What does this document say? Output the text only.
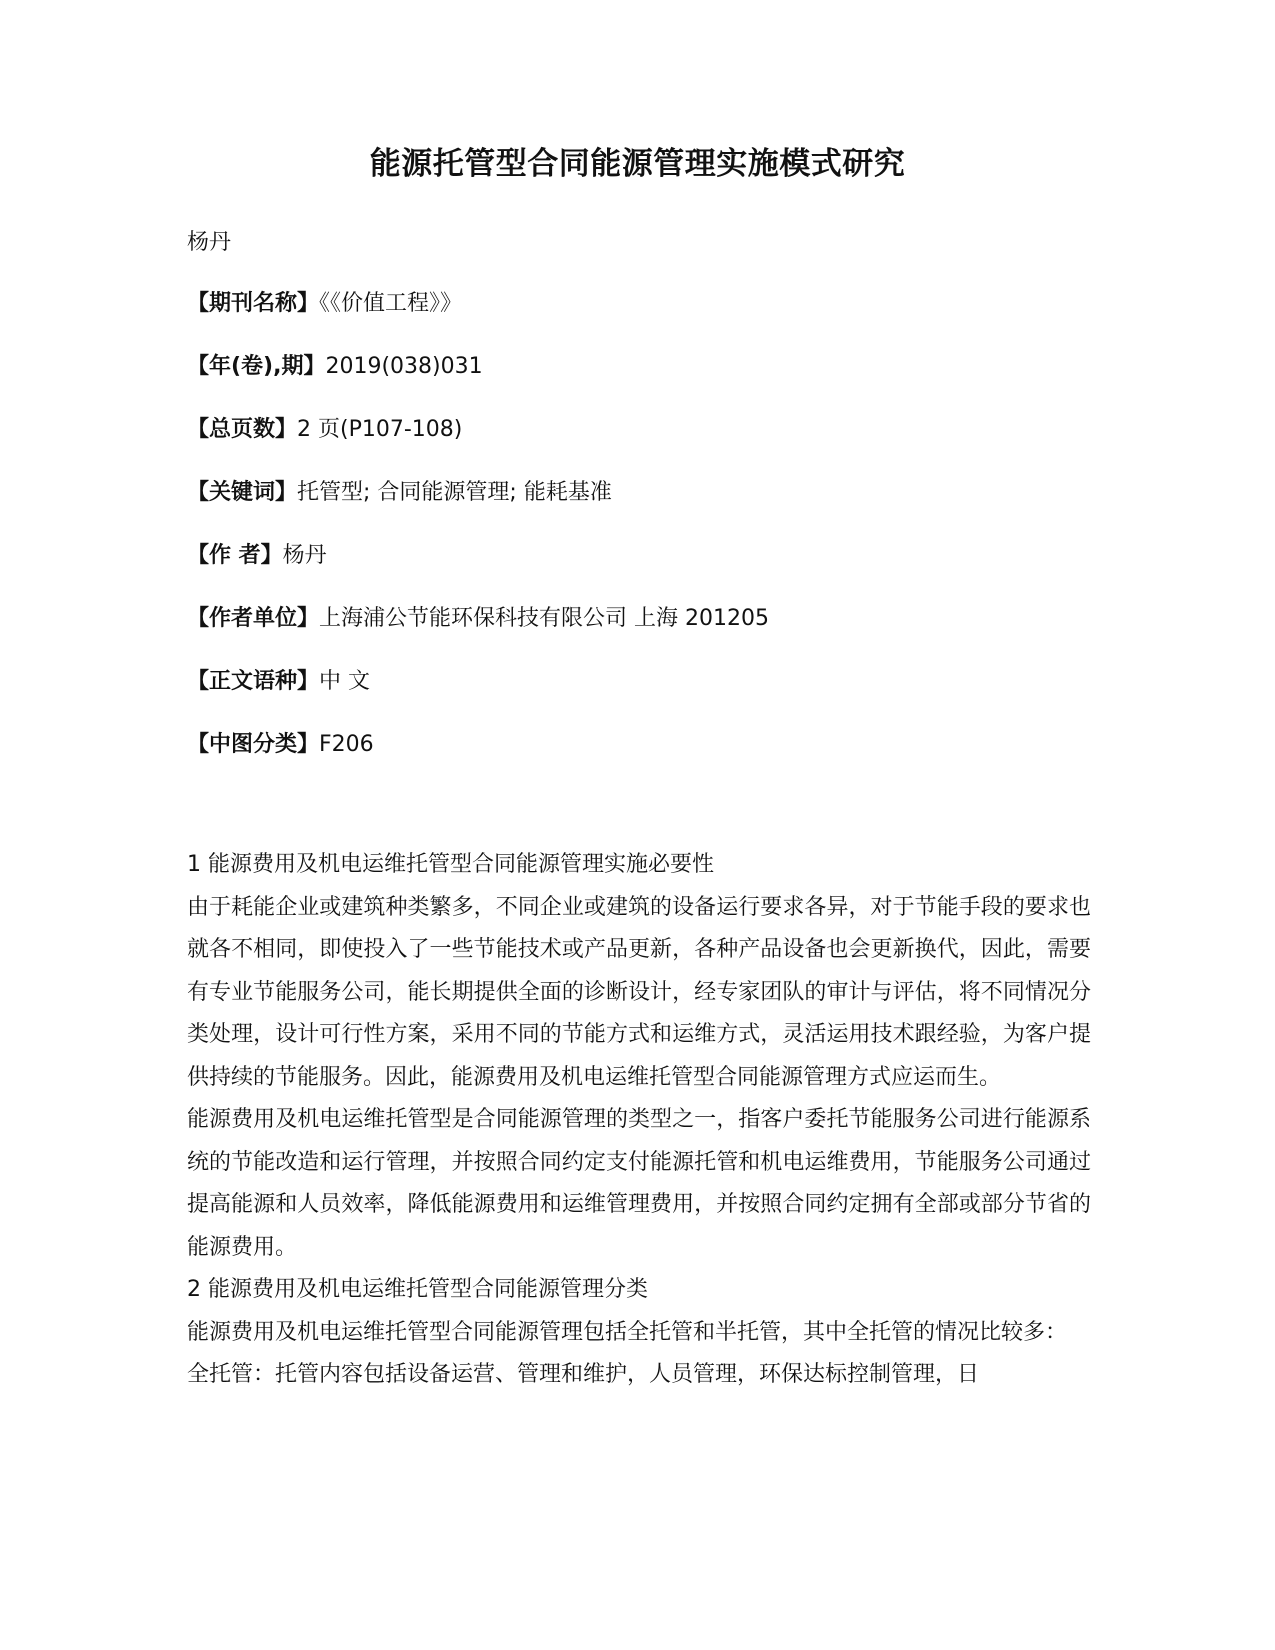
能源托管型合同能源管理实施模式研究

杨丹

【期刊名称】《《价值工程》》
【年(卷),期】2019(038)031
【总页数】2 页(P107-108)
【关键词】托管型; 合同能源管理; 能耗基准
【作 者】杨丹
【作者单位】上海浦公节能环保科技有限公司 上海 201205
【正文语种】中 文
【中图分类】F206

1 能源费用及机电运维托管型合同能源管理实施必要性

由于耗能企业或建筑种类繁多，不同企业或建筑的设备运行要求各异，对于节能手段的要求也就各不相同，即使投入了一些节能技术或产品更新，各种产品设备也会更新换代，因此，需要有专业节能服务公司，能长期提供全面的诊断设计，经专家团队的审计与评估，将不同情况分类处理，设计可行性方案，采用不同的节能方式和运维方式，灵活运用技术跟经验，为客户提供持续的节能服务。因此，能源费用及机电运维托管型合同能源管理方式应运而生。

能源费用及机电运维托管型是合同能源管理的类型之一，指客户委托节能服务公司进行能源系统的节能改造和运行管理，并按照合同约定支付能源托管和机电运维费用，节能服务公司通过提高能源和人员效率，降低能源费用和运维管理费用，并按照合同约定拥有全部或部分节省的能源费用。

2 能源费用及机电运维托管型合同能源管理分类

能源费用及机电运维托管型合同能源管理包括全托管和半托管，其中全托管的情况比较多：

全托管：托管内容包括设备运营、管理和维护，人员管理，环保达标控制管理，日
